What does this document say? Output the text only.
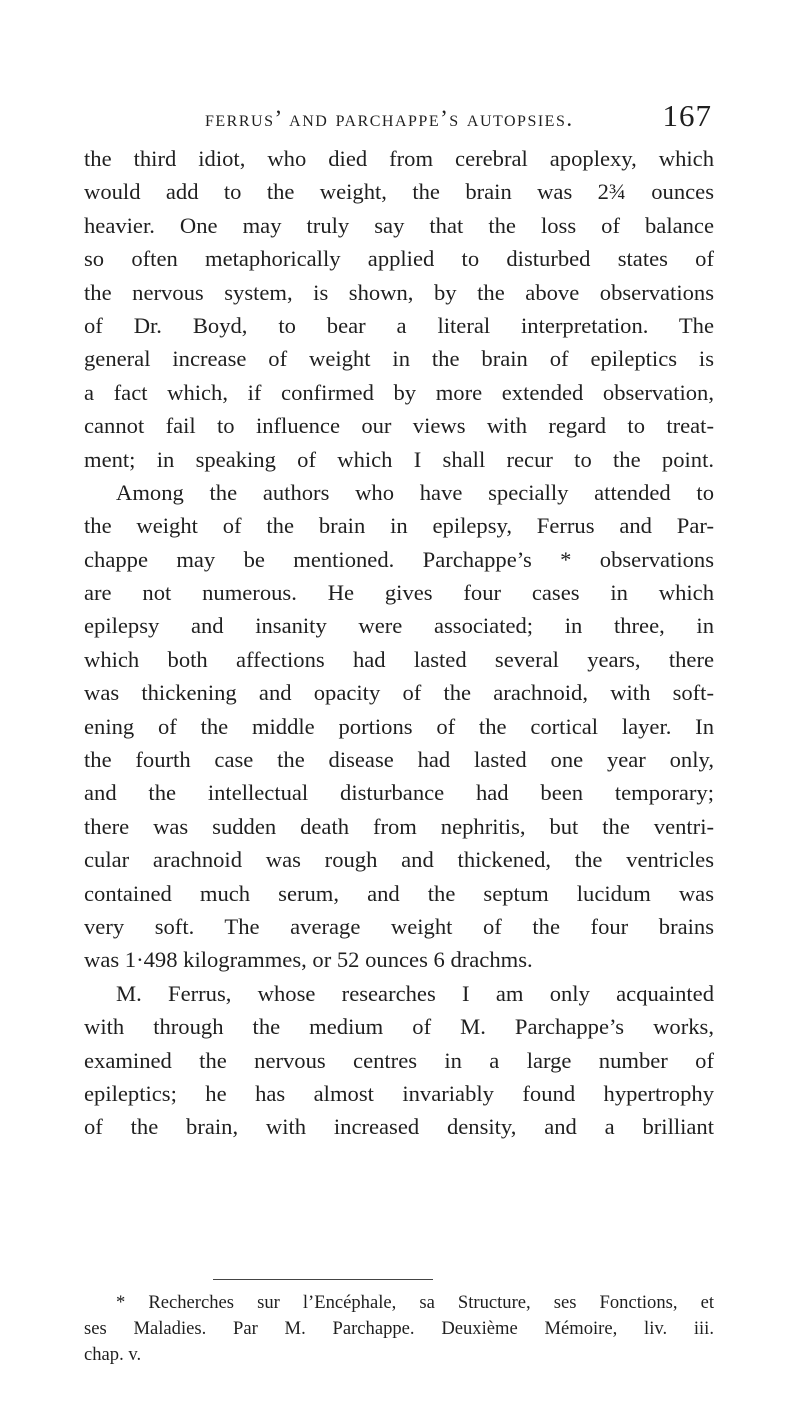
ferrus’ and parchappe’s autopsies.	167
the third idiot, who died from cerebral apoplexy, which
would add to the weight, the brain was 2¾ ounces
heavier. One may truly say that the loss of balance
so often metaphorically applied to disturbed states of
the nervous system, is shown, by the above observations
of Dr. Boyd, to bear a literal interpretation. The
general increase of weight in the brain of epileptics is
a fact which, if confirmed by more extended observation,
cannot fail to influence our views with regard to treat-
ment; in speaking of which I shall recur to the point.
Among the authors who have specially attended to
the weight of the brain in epilepsy, Ferrus and Par-
chappe may be mentioned. Parchappe’s * observations
are not numerous. He gives four cases in which
epilepsy and insanity were associated; in three, in
which both affections had lasted several years, there
was thickening and opacity of the arachnoid, with soft-
ening of the middle portions of the cortical layer. In
the fourth case the disease had lasted one year only,
and the intellectual disturbance had been temporary;
there was sudden death from nephritis, but the ventri-
cular arachnoid was rough and thickened, the ventricles
contained much serum, and the septum lucidum was
very soft. The average weight of the four brains
was 1·498 kilogrammes, or 52 ounces 6 drachms.
M. Ferrus, whose researches I am only acquainted
with through the medium of M. Parchappe’s works,
examined the nervous centres in a large number of
epileptics; he has almost invariably found hypertrophy
of the brain, with increased density, and a brilliant
* Recherches sur l’Encéphale, sa Structure, ses Fonctions, et
ses Maladies. Par M. Parchappe. Deuxième Mémoire, liv. iii.
chap. v.
